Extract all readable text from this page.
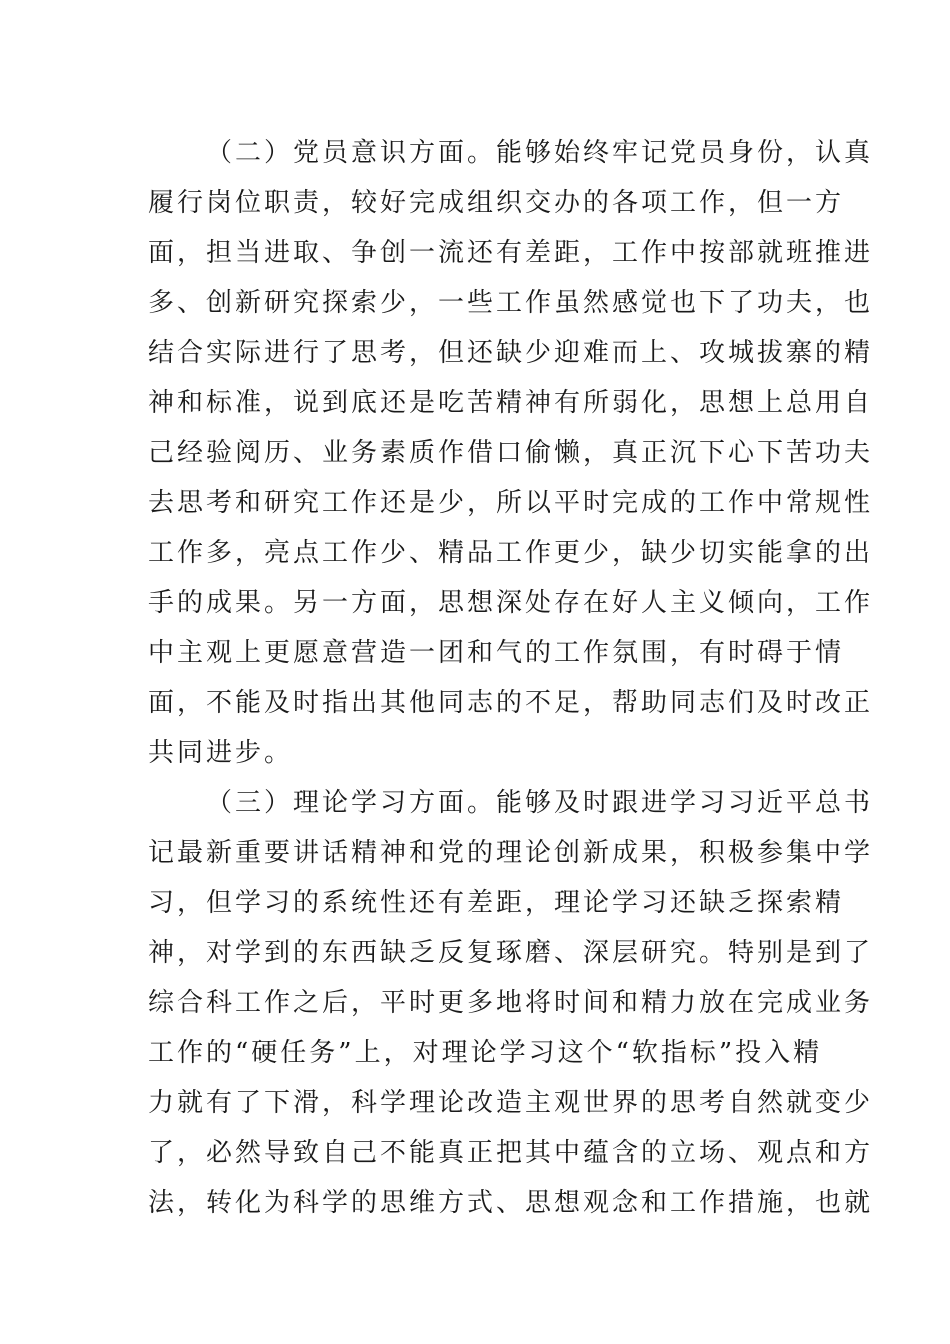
（二）党员意识方面。能够始终牢记党员身份，认真
履行岗位职责，较好完成组织交办的各项工作，但一方
面，担当进取、争创一流还有差距，工作中按部就班推进
多、创新研究探索少，一些工作虽然感觉也下了功夫，也
结合实际进行了思考，但还缺少迎难而上、攻城拔寨的精
神和标准，说到底还是吃苦精神有所弱化，思想上总用自
己经验阅历、业务素质作借口偷懒，真正沉下心下苦功夫
去思考和研究工作还是少，所以平时完成的工作中常规性
工作多，亮点工作少、精品工作更少，缺少切实能拿的出
手的成果。另一方面，思想深处存在好人主义倾向，工作
中主观上更愿意营造一团和气的工作氛围，有时碍于情
面，不能及时指出其他同志的不足，帮助同志们及时改正
共同进步。
（三）理论学习方面。能够及时跟进学习习近平总书
记最新重要讲话精神和党的理论创新成果，积极参集中学
习，但学习的系统性还有差距，理论学习还缺乏探索精
神，对学到的东西缺乏反复琢磨、深层研究。特别是到了
综合科工作之后，平时更多地将时间和精力放在完成业务
工作的“硬任务”上，对理论学习这个“软指标”投入精
力就有了下滑，科学理论改造主观世界的思考自然就变少
了，必然导致自己不能真正把其中蕴含的立场、观点和方
法，转化为科学的思维方式、思想观念和工作措施，也就
